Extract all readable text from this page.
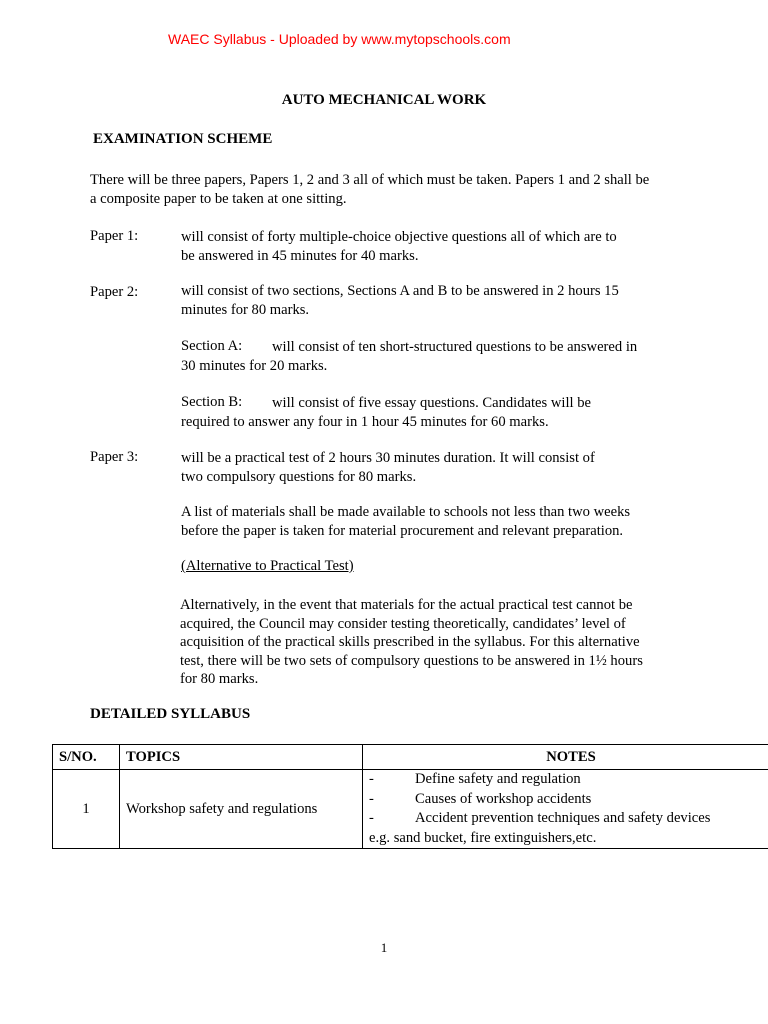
WAEC Syllabus - Uploaded by www.mytopschools.com
AUTO MECHANICAL WORK
EXAMINATION SCHEME
There will be three papers, Papers 1, 2 and 3 all of which must be taken. Papers 1 and 2 shall be
a composite paper to be taken at one sitting.
Paper 1:	will consist of forty multiple-choice objective questions all of which are to
be answered in 45 minutes for 40 marks.
Paper 2:	will consist of two sections, Sections A and B to be answered in 2 hours 15
minutes for 80 marks.
Section A:	will consist of ten short-structured questions to be answered in
30 minutes for 20 marks.
Section B:	will consist of five essay questions. Candidates will be
required to answer any four in 1 hour 45 minutes for 60 marks.
Paper 3:	will be a practical test of 2 hours 30 minutes duration. It will consist of
two compulsory questions for 80 marks.
A list of materials shall be made available to schools not less than two weeks
before the paper is taken for material procurement and relevant preparation.
(Alternative to Practical Test)
Alternatively, in the event that materials for the actual practical test cannot be
acquired, the Council may consider testing theoretically, candidates’ level of
acquisition of the practical skills prescribed in the syllabus. For this alternative
test, there will be two sets of compulsory questions to be answered in 1½ hours
for 80 marks.
DETAILED SYLLABUS
S/NO.	TOPICS	NOTES
1	Workshop safety and regulations	- Define safety and regulation
- Causes of workshop accidents
- Accident prevention techniques and safety devices
e.g. sand bucket, fire extinguishers,etc.
1
